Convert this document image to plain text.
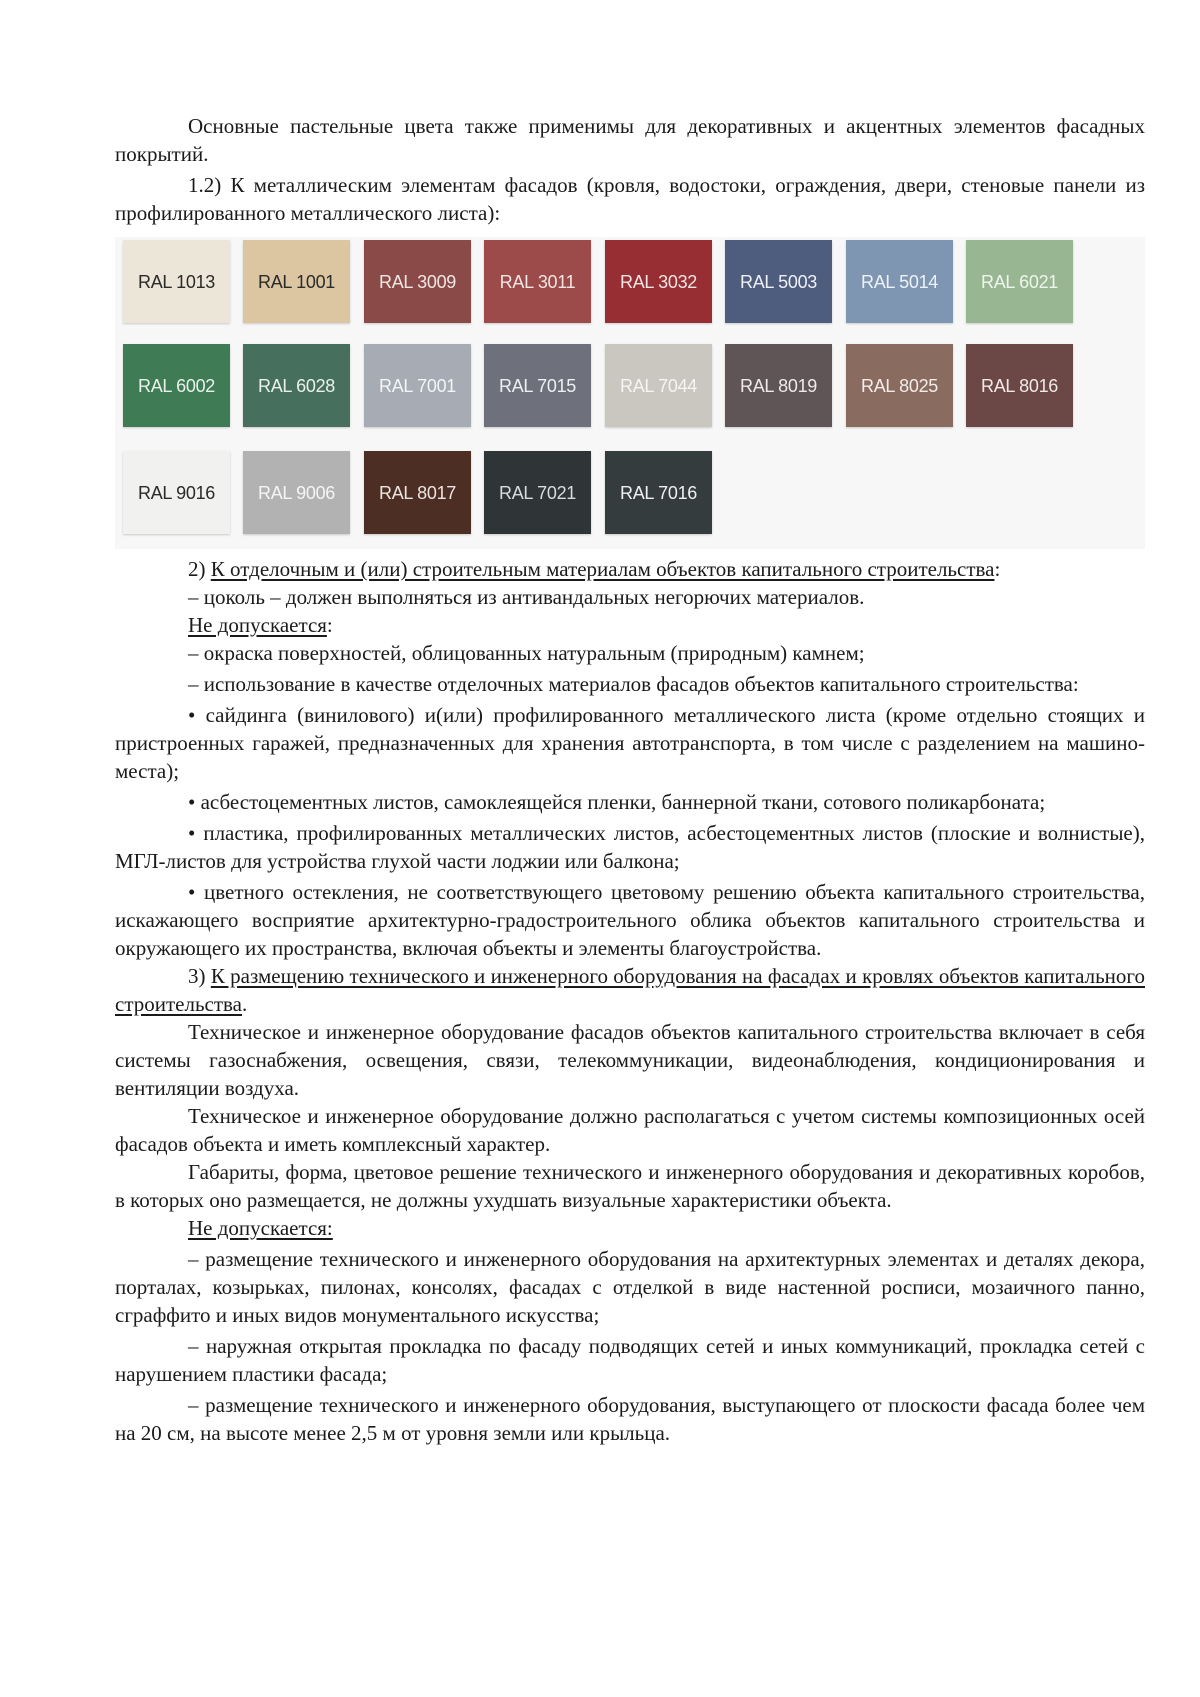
Основные пастельные цвета также применимы для декоративных и акцентных элементов фасадных покрытий.

1.2) К металлическим элементам фасадов (кровля, водостоки, ограждения, двери, стеновые панели из профилированного металлического листа):

RAL 1013	RAL 1001	RAL 3009	RAL 3011	RAL 3032	RAL 5003	RAL 5014	RAL 6021
RAL 6002	RAL 6028	RAL 7001	RAL 7015	RAL 7044	RAL 8019	RAL 8025	RAL 8016
RAL 9016	RAL 9006	RAL 8017	RAL 7021	RAL 7016

2) К отделочным и (или) строительным материалам объектов капитального строительства:

– цоколь – должен выполняться из антивандальных негорючих материалов.

Не допускается:

– окраска поверхностей, облицованных натуральным (природным) камнем;

– использование в качестве отделочных материалов фасадов объектов капитального строительства:

• сайдинга (винилового) и(или) профилированного металлического листа (кроме отдельно стоящих и пристроенных гаражей, предназначенных для хранения автотранспорта, в том числе с разделением на машино-места);

• асбестоцементных листов, самоклеящейся пленки, баннерной ткани, сотового поликарбоната;

• пластика, профилированных металлических листов, асбестоцементных листов (плоские и волнистые), МГЛ-листов для устройства глухой части лоджии или балкона;

• цветного остекления, не соответствующего цветовому решению объекта капитального строительства, искажающего восприятие архитектурно-градостроительного облика объектов капитального строительства и окружающего их пространства, включая объекты и элементы благоустройства.

3) К размещению технического и инженерного оборудования на фасадах и кровлях объектов капитального строительства.

Техническое и инженерное оборудование фасадов объектов капитального строительства включает в себя системы газоснабжения, освещения, связи, телекоммуникации, видеонаблюдения, кондиционирования и вентиляции воздуха.

Техническое и инженерное оборудование должно располагаться с учетом системы композиционных осей фасадов объекта и иметь комплексный характер.

Габариты, форма, цветовое решение технического и инженерного оборудования и декоративных коробов, в которых оно размещается, не должны ухудшать визуальные характеристики объекта.

Не допускается:

– размещение технического и инженерного оборудования на архитектурных элементах и деталях декора, порталах, козырьках, пилонах, консолях, фасадах с отделкой в виде настенной росписи, мозаичного панно, сграффито и иных видов монументального искусства;

– наружная открытая прокладка по фасаду подводящих сетей и иных коммуникаций, прокладка сетей с нарушением пластики фасада;

– размещение технического и инженерного оборудования, выступающего от плоскости фасада более чем на 20 см, на высоте менее 2,5 м от уровня земли или крыльца.
